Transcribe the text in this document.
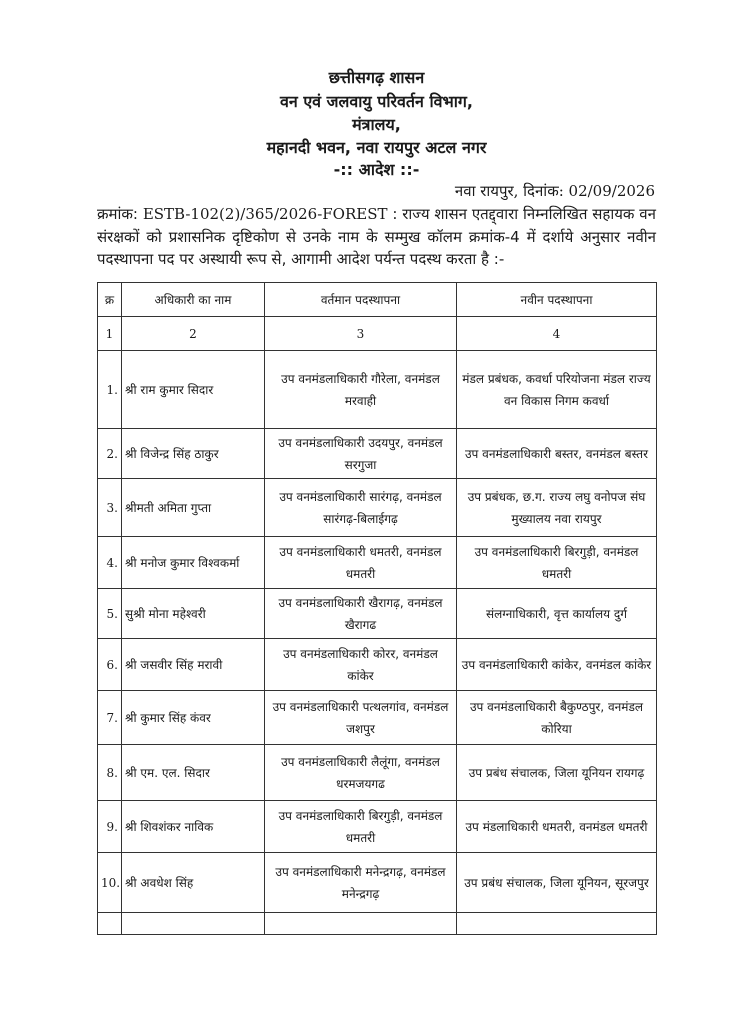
छत्तीसगढ़ शासन
वन एवं जलवायु परिवर्तन विभाग,
मंत्रालय,
महानदी भवन, नवा रायपुर अटल नगर
-:: आदेश ::-
नवा रायपुर, दिनांक: 02/09/2026
क्रमांक: ESTB-102(2)/365/2026-FOREST : राज्य शासन एतद्द्वारा निम्नलिखित सहायक वन संरक्षकों को प्रशासनिक दृष्टिकोण से उनके नाम के सम्मुख कॉलम क्रमांक-4 में दर्शाये अनुसार नवीन पदस्थापना पद पर अस्थायी रूप से, आगामी आदेश पर्यन्त पदस्थ करता है :-
क्र	अधिकारी का नाम	वर्तमान पदस्थापना	नवीन पदस्थापना
1	2	3	4
1.	श्री राम कुमार सिदार	उप वनमंडलाधिकारी गौरेला, वनमंडल मरवाही	मंडल प्रबंधक, कवर्धा परियोजना मंडल राज्य वन विकास निगम कवर्धा
2.	श्री विजेन्द्र सिंह ठाकुर	उप वनमंडलाधिकारी उदयपुर, वनमंडल सरगुजा	उप वनमंडलाधिकारी बस्तर, वनमंडल बस्तर
3.	श्रीमती अमिता गुप्ता	उप वनमंडलाधिकारी सारंगढ़, वनमंडल सारंगढ़-बिलाईगढ़	उप प्रबंधक, छ.ग. राज्य लघु वनोपज संघ मुख्यालय नवा रायपुर
4.	श्री मनोज कुमार विश्वकर्मा	उप वनमंडलाधिकारी धमतरी, वनमंडल धमतरी	उप वनमंडलाधिकारी बिरगुड़ी, वनमंडल धमतरी
5.	सुश्री मोना महेश्वरी	उप वनमंडलाधिकारी खैरागढ़, वनमंडल खैरागढ	संलग्नाधिकारी, वृत्त कार्यालय दुर्ग
6.	श्री जसवीर सिंह मरावी	उप वनमंडलाधिकारी कोरर, वनमंडल कांकेर	उप वनमंडलाधिकारी कांकेर, वनमंडल कांकेर
7.	श्री कुमार सिंह कंवर	उप वनमंडलाधिकारी पत्थलगांव, वनमंडल जशपुर	उप वनमंडलाधिकारी बैकुण्ठपुर, वनमंडल कोरिया
8.	श्री एम. एल. सिदार	उप वनमंडलाधिकारी लैलूंगा, वनमंडल धरमजयगढ	उप प्रबंध संचालक, जिला यूनियन रायगढ़
9.	श्री शिवशंकर नाविक	उप वनमंडलाधिकारी बिरगुड़ी, वनमंडल धमतरी	उप मंडलाधिकारी धमतरी, वनमंडल धमतरी
10.	श्री अवधेश सिंह	उप वनमंडलाधिकारी मनेन्द्रगढ़, वनमंडल मनेन्द्रगढ़	उप प्रबंध संचालक, जिला यूनियन, सूरजपुर
